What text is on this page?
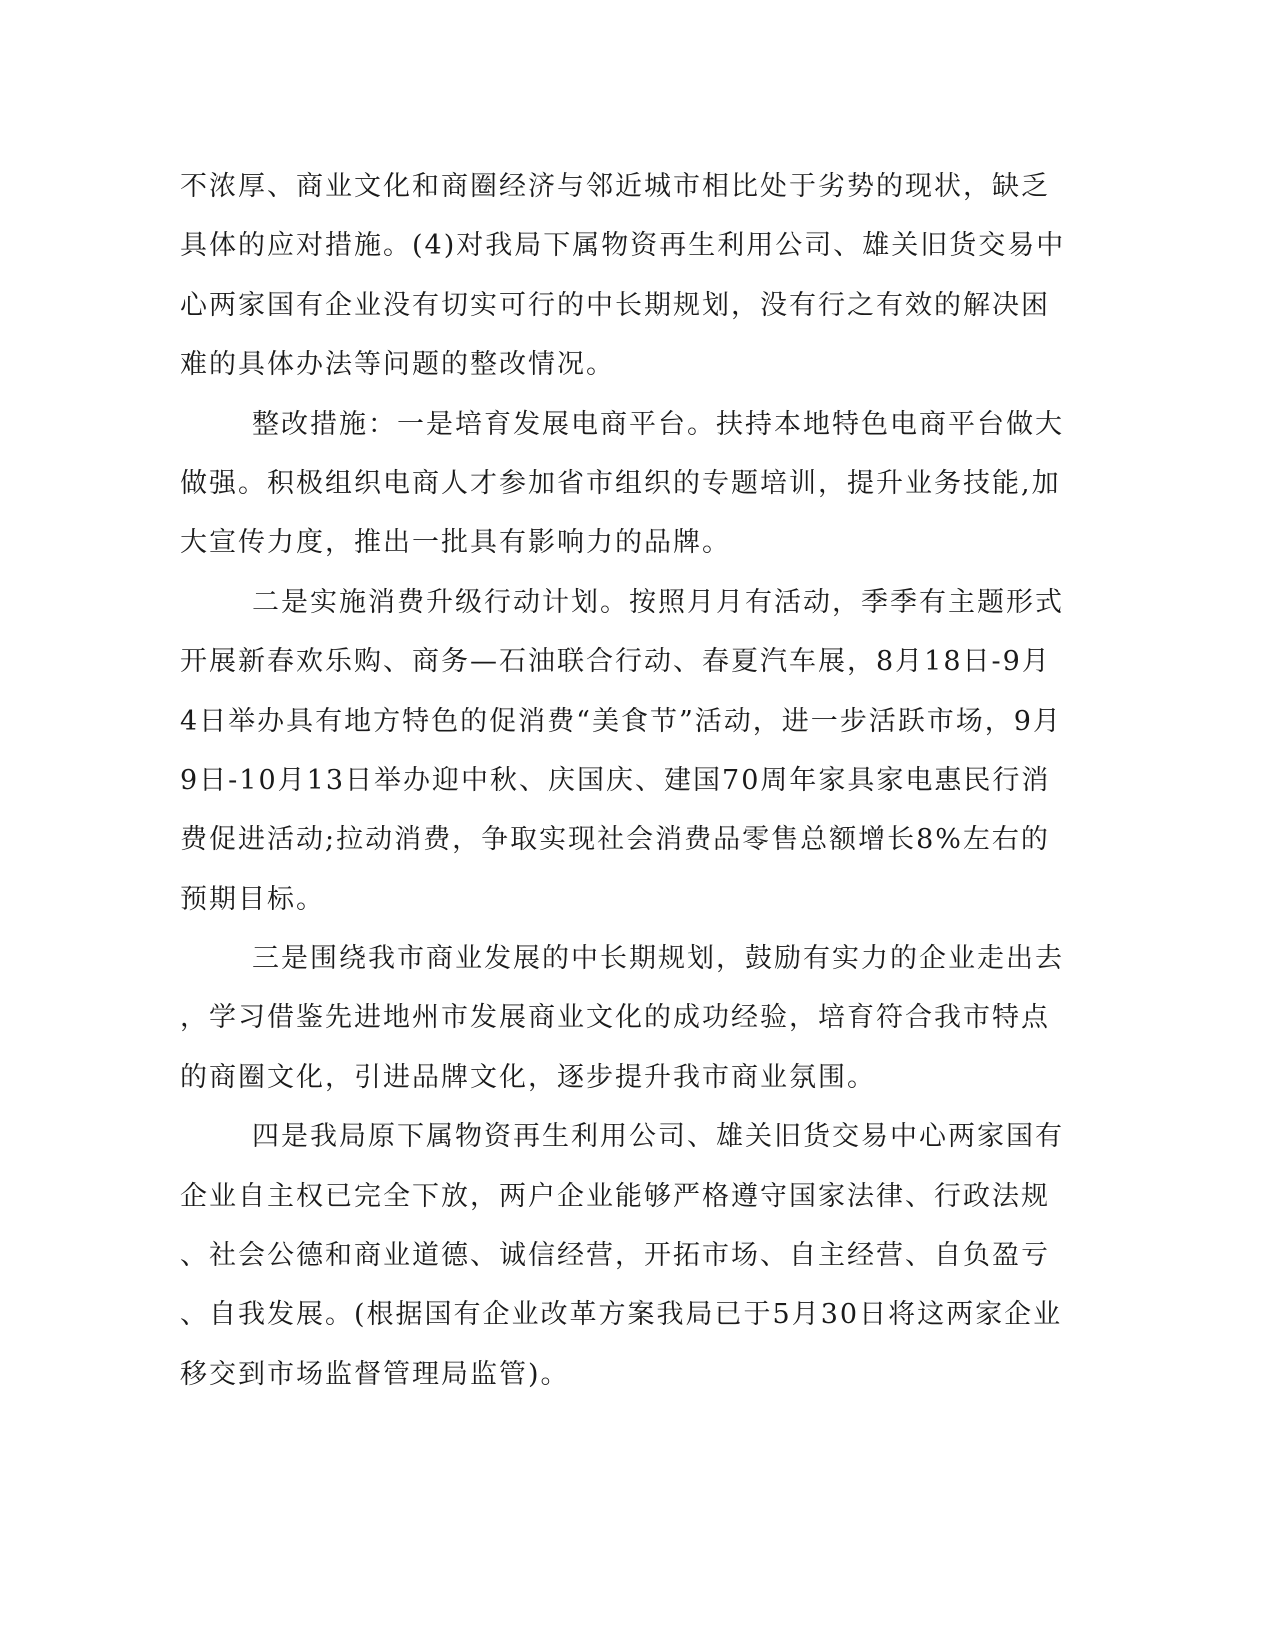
不浓厚、商业文化和商圈经济与邻近城市相比处于劣势的现状，缺乏
具体的应对措施。(4)对我局下属物资再生利用公司、雄关旧货交易中
心两家国有企业没有切实可行的中长期规划，没有行之有效的解决困
难的具体办法等问题的整改情况。
整改措施：一是培育发展电商平台。扶持本地特色电商平台做大
做强。积极组织电商人才参加省市组织的专题培训，提升业务技能,加
大宣传力度，推出一批具有影响力的品牌。
二是实施消费升级行动计划。按照月月有活动，季季有主题形式
开展新春欢乐购、商务—石油联合行动、春夏汽车展，8月18日-9月
4日举办具有地方特色的促消费“美食节”活动，进一步活跃市场，9月
9日-10月13日举办迎中秋、庆国庆、建国70周年家具家电惠民行消
费促进活动;拉动消费，争取实现社会消费品零售总额增长8%左右的
预期目标。
三是围绕我市商业发展的中长期规划，鼓励有实力的企业走出去
，学习借鉴先进地州市发展商业文化的成功经验，培育符合我市特点
的商圈文化，引进品牌文化，逐步提升我市商业氛围。
四是我局原下属物资再生利用公司、雄关旧货交易中心两家国有
企业自主权已完全下放，两户企业能够严格遵守国家法律、行政法规
、社会公德和商业道德、诚信经营，开拓市场、自主经营、自负盈亏
、自我发展。(根据国有企业改革方案我局已于5月30日将这两家企业
移交到市场监督管理局监管)。
